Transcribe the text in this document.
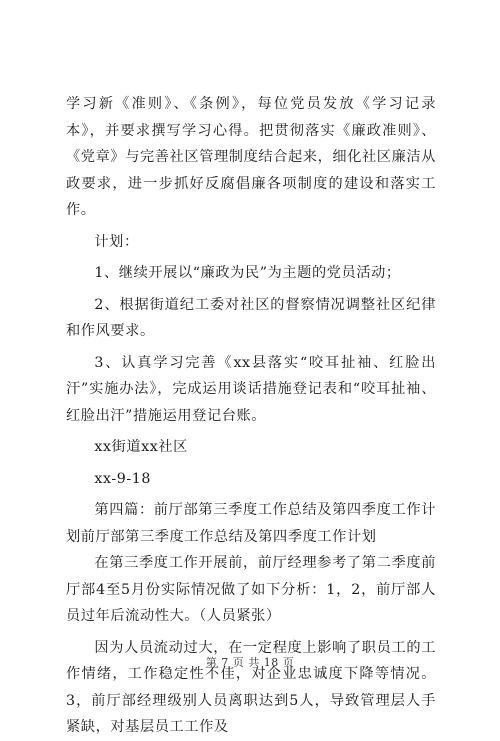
学习新《准则》、《条例》，每位党员发放《学习记录本》，并要求撰写学习心得。把贯彻落实《廉政准则》、《党章》与完善社区管理制度结合起来，细化社区廉洁从政要求，进一步抓好反腐倡廉各项制度的建设和落实工作。

计划：

1、继续开展以“廉政为民”为主题的党员活动；

2、根据街道纪工委对社区的督察情况调整社区纪律和作风要求。

3、认真学习完善《xx县落实“咬耳扯袖、红脸出汗”实施办法》，完成运用谈话措施登记表和“咬耳扯袖、红脸出汗”措施运用登记台账。

xx街道xx社区

xx-9-18

第四篇：前厅部第三季度工作总结及第四季度工作计划前厅部第三季度工作总结及第四季度工作计划

在第三季度工作开展前，前厅经理参考了第二季度前厅部4至5月份实际情况做了如下分析：1，2，前厅部人员过年后流动性大。（人员紧张）

因为人员流动过大，在一定程度上影响了职员工的工作情绪，工作稳定性不佳，对企业忠诚度下降等情况。3，前厅部经理级别人员离职达到5人，导致管理层人手紧缺，对基层员工工作及

第 7 页 共 18 页
